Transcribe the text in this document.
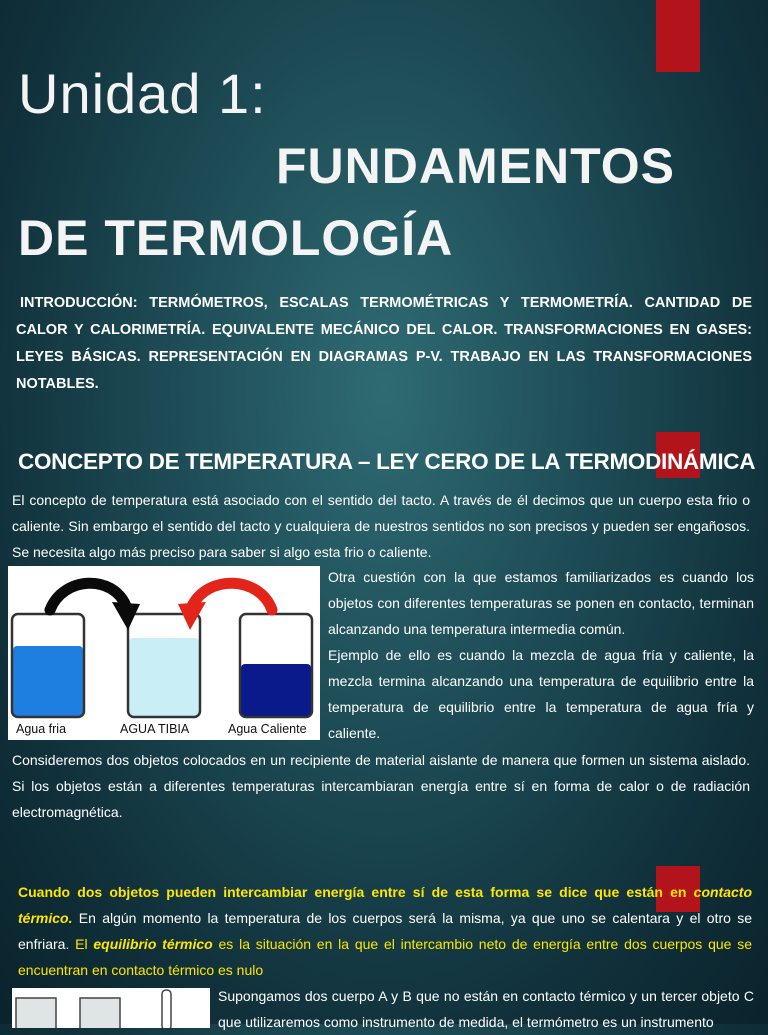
Unidad 1:
FUNDAMENTOS
DE TERMOLOGÍA

INTRODUCCIÓN: TERMÓMETROS, ESCALAS TERMOMÉTRICAS Y TERMOMETRÍA. CANTIDAD DE CALOR Y CALORIMETRÍA. EQUIVALENTE MECÁNICO DEL CALOR. TRANSFORMACIONES EN GASES: LEYES BÁSICAS. REPRESENTACIÓN EN DIAGRAMAS P-V. TRABAJO EN LAS TRANSFORMACIONES NOTABLES.

CONCEPTO DE TEMPERATURA – LEY CERO DE LA TERMODINÁMICA

El concepto de temperatura está asociado con el sentido del tacto. A través de él decimos que un cuerpo esta frio o caliente. Sin embargo el sentido del tacto y cualquiera de nuestros sentidos no son precisos y pueden ser engañosos. Se necesita algo más preciso para saber si algo esta frio o caliente.

Agua fria	AGUA TIBIA	Agua Caliente
Otra cuestión con la que estamos familiarizados es cuando los objetos con diferentes temperaturas se ponen en contacto, terminan alcanzando una temperatura intermedia común.
Ejemplo de ello es cuando la mezcla de agua fría y caliente, la mezcla termina alcanzando una temperatura de equilibrio entre la temperatura de equilibrio entre la temperatura de agua fría y caliente.

Consideremos dos objetos colocados en un recipiente de material aislante de manera que formen un sistema aislado. Si los objetos están a diferentes temperaturas intercambiaran energía entre sí en forma de calor o de radiación electromagnética.

Cuando dos objetos pueden intercambiar energía entre sí de esta forma se dice que están en contacto térmico. En algún momento la temperatura de los cuerpos será la misma, ya que uno se calentara y el otro se enfriara. El equilibrio térmico es la situación en la que el intercambio neto de energía entre dos cuerpos que se encuentran en contacto térmico es nulo

Supongamos dos cuerpo A y B que no están en contacto térmico y un tercer objeto C que utilizaremos como instrumento de medida, el termómetro es un instrumento
